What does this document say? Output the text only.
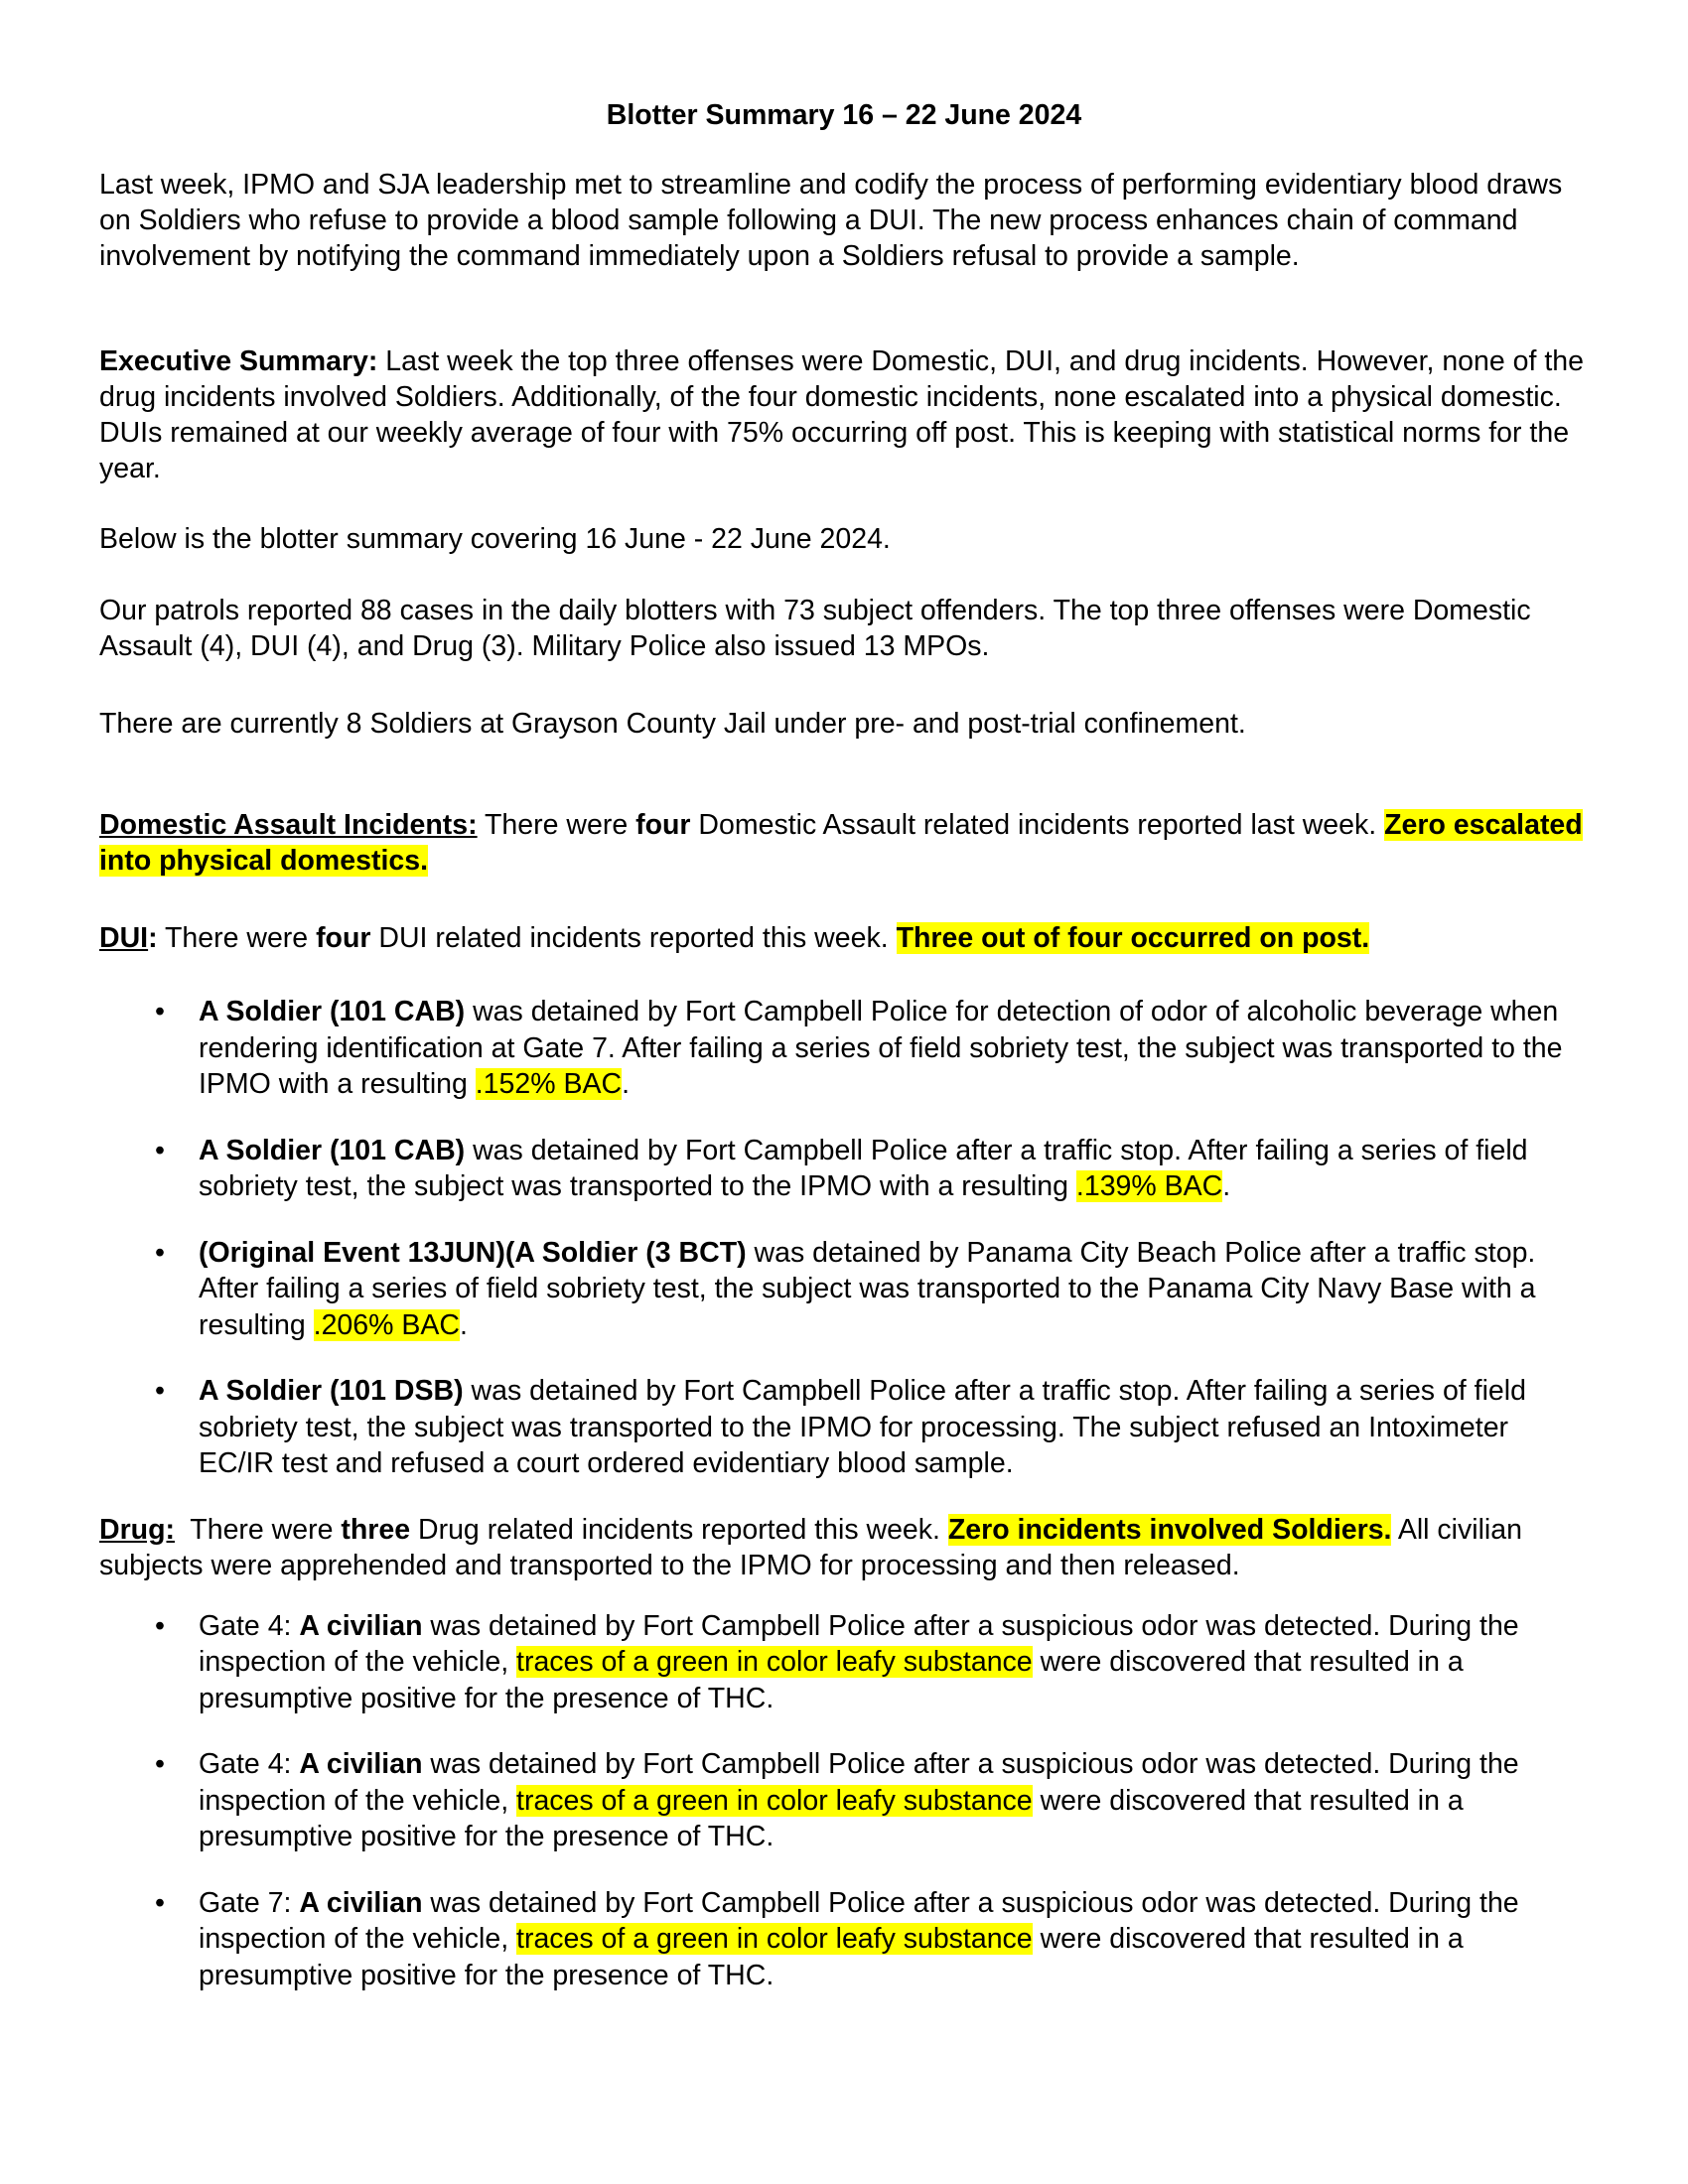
Blotter Summary 16 – 22 June 2024

Last week, IPMO and SJA leadership met to streamline and codify the process of performing evidentiary blood draws on Soldiers who refuse to provide a blood sample following a DUI. The new process enhances chain of command involvement by notifying the command immediately upon a Soldiers refusal to provide a sample.

Executive Summary: Last week the top three offenses were Domestic, DUI, and drug incidents. However, none of the drug incidents involved Soldiers. Additionally, of the four domestic incidents, none escalated into a physical domestic. DUIs remained at our weekly average of four with 75% occurring off post. This is keeping with statistical norms for the year.

Below is the blotter summary covering 16 June - 22 June 2024.

Our patrols reported 88 cases in the daily blotters with 73 subject offenders. The top three offenses were Domestic Assault (4), DUI (4), and Drug (3). Military Police also issued 13 MPOs.

There are currently 8 Soldiers at Grayson County Jail under pre- and post-trial confinement.

Domestic Assault Incidents: There were four Domestic Assault related incidents reported last week. Zero escalated into physical domestics.

DUI: There were four DUI related incidents reported this week. Three out of four occurred on post.

• A Soldier (101 CAB) was detained by Fort Campbell Police for detection of odor of alcoholic beverage when rendering identification at Gate 7. After failing a series of field sobriety test, the subject was transported to the IPMO with a resulting .152% BAC.
• A Soldier (101 CAB) was detained by Fort Campbell Police after a traffic stop. After failing a series of field sobriety test, the subject was transported to the IPMO with a resulting .139% BAC.
• (Original Event 13JUN)(A Soldier (3 BCT) was detained by Panama City Beach Police after a traffic stop. After failing a series of field sobriety test, the subject was transported to the Panama City Navy Base with a resulting .206% BAC.
• A Soldier (101 DSB) was detained by Fort Campbell Police after a traffic stop. After failing a series of field sobriety test, the subject was transported to the IPMO for processing. The subject refused an Intoximeter EC/IR test and refused a court ordered evidentiary blood sample.

Drug:  There were three Drug related incidents reported this week. Zero incidents involved Soldiers. All civilian subjects were apprehended and transported to the IPMO for processing and then released.

• Gate 4: A civilian was detained by Fort Campbell Police after a suspicious odor was detected. During the inspection of the vehicle, traces of a green in color leafy substance were discovered that resulted in a presumptive positive for the presence of THC.
• Gate 4: A civilian was detained by Fort Campbell Police after a suspicious odor was detected. During the inspection of the vehicle, traces of a green in color leafy substance were discovered that resulted in a presumptive positive for the presence of THC.
• Gate 7: A civilian was detained by Fort Campbell Police after a suspicious odor was detected. During the inspection of the vehicle, traces of a green in color leafy substance were discovered that resulted in a presumptive positive for the presence of THC.
